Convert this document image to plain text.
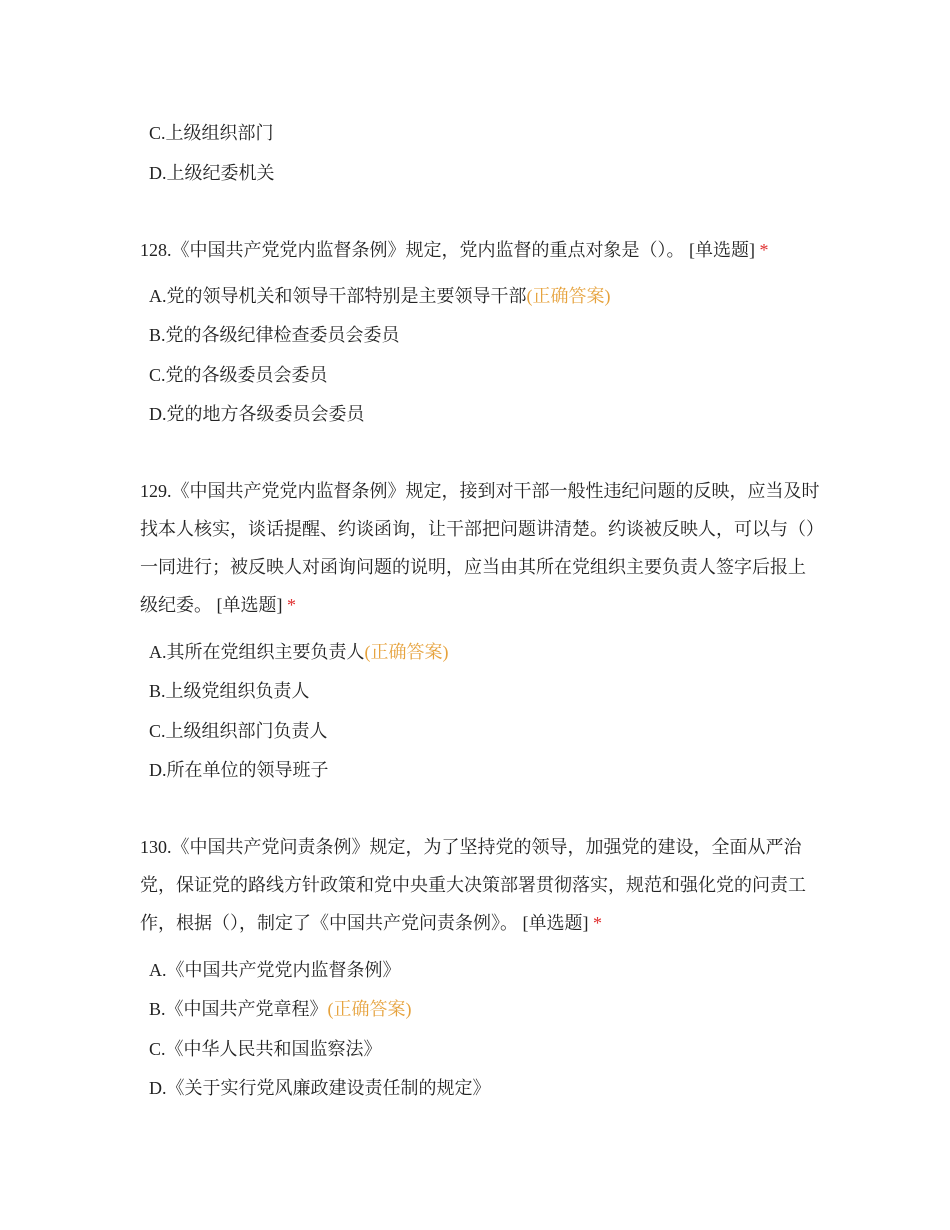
C.上级组织部门
D.上级纪委机关
128.《中国共产党党内监督条例》规定，党内监督的重点对象是（）。 [单选题] *
A.党的领导机关和领导干部特别是主要领导干部(正确答案)
B.党的各级纪律检查委员会委员
C.党的各级委员会委员
D.党的地方各级委员会委员
129.《中国共产党党内监督条例》规定，接到对干部一般性违纪问题的反映，应当及时找本人核实，谈话提醒、约谈函询，让干部把问题讲清楚。约谈被反映人，可以与（）一同进行；被反映人对函询问题的说明，应当由其所在党组织主要负责人签字后报上级纪委。 [单选题] *
A.其所在党组织主要负责人(正确答案)
B.上级党组织负责人
C.上级组织部门负责人
D.所在单位的领导班子
130.《中国共产党问责条例》规定，为了坚持党的领导，加强党的建设，全面从严治党，保证党的路线方针政策和党中央重大决策部署贯彻落实，规范和强化党的问责工作，根据（），制定了《中国共产党问责条例》。 [单选题] *
A.《中国共产党党内监督条例》
B.《中国共产党章程》(正确答案)
C.《中华人民共和国监察法》
D.《关于实行党风廉政建设责任制的规定》
